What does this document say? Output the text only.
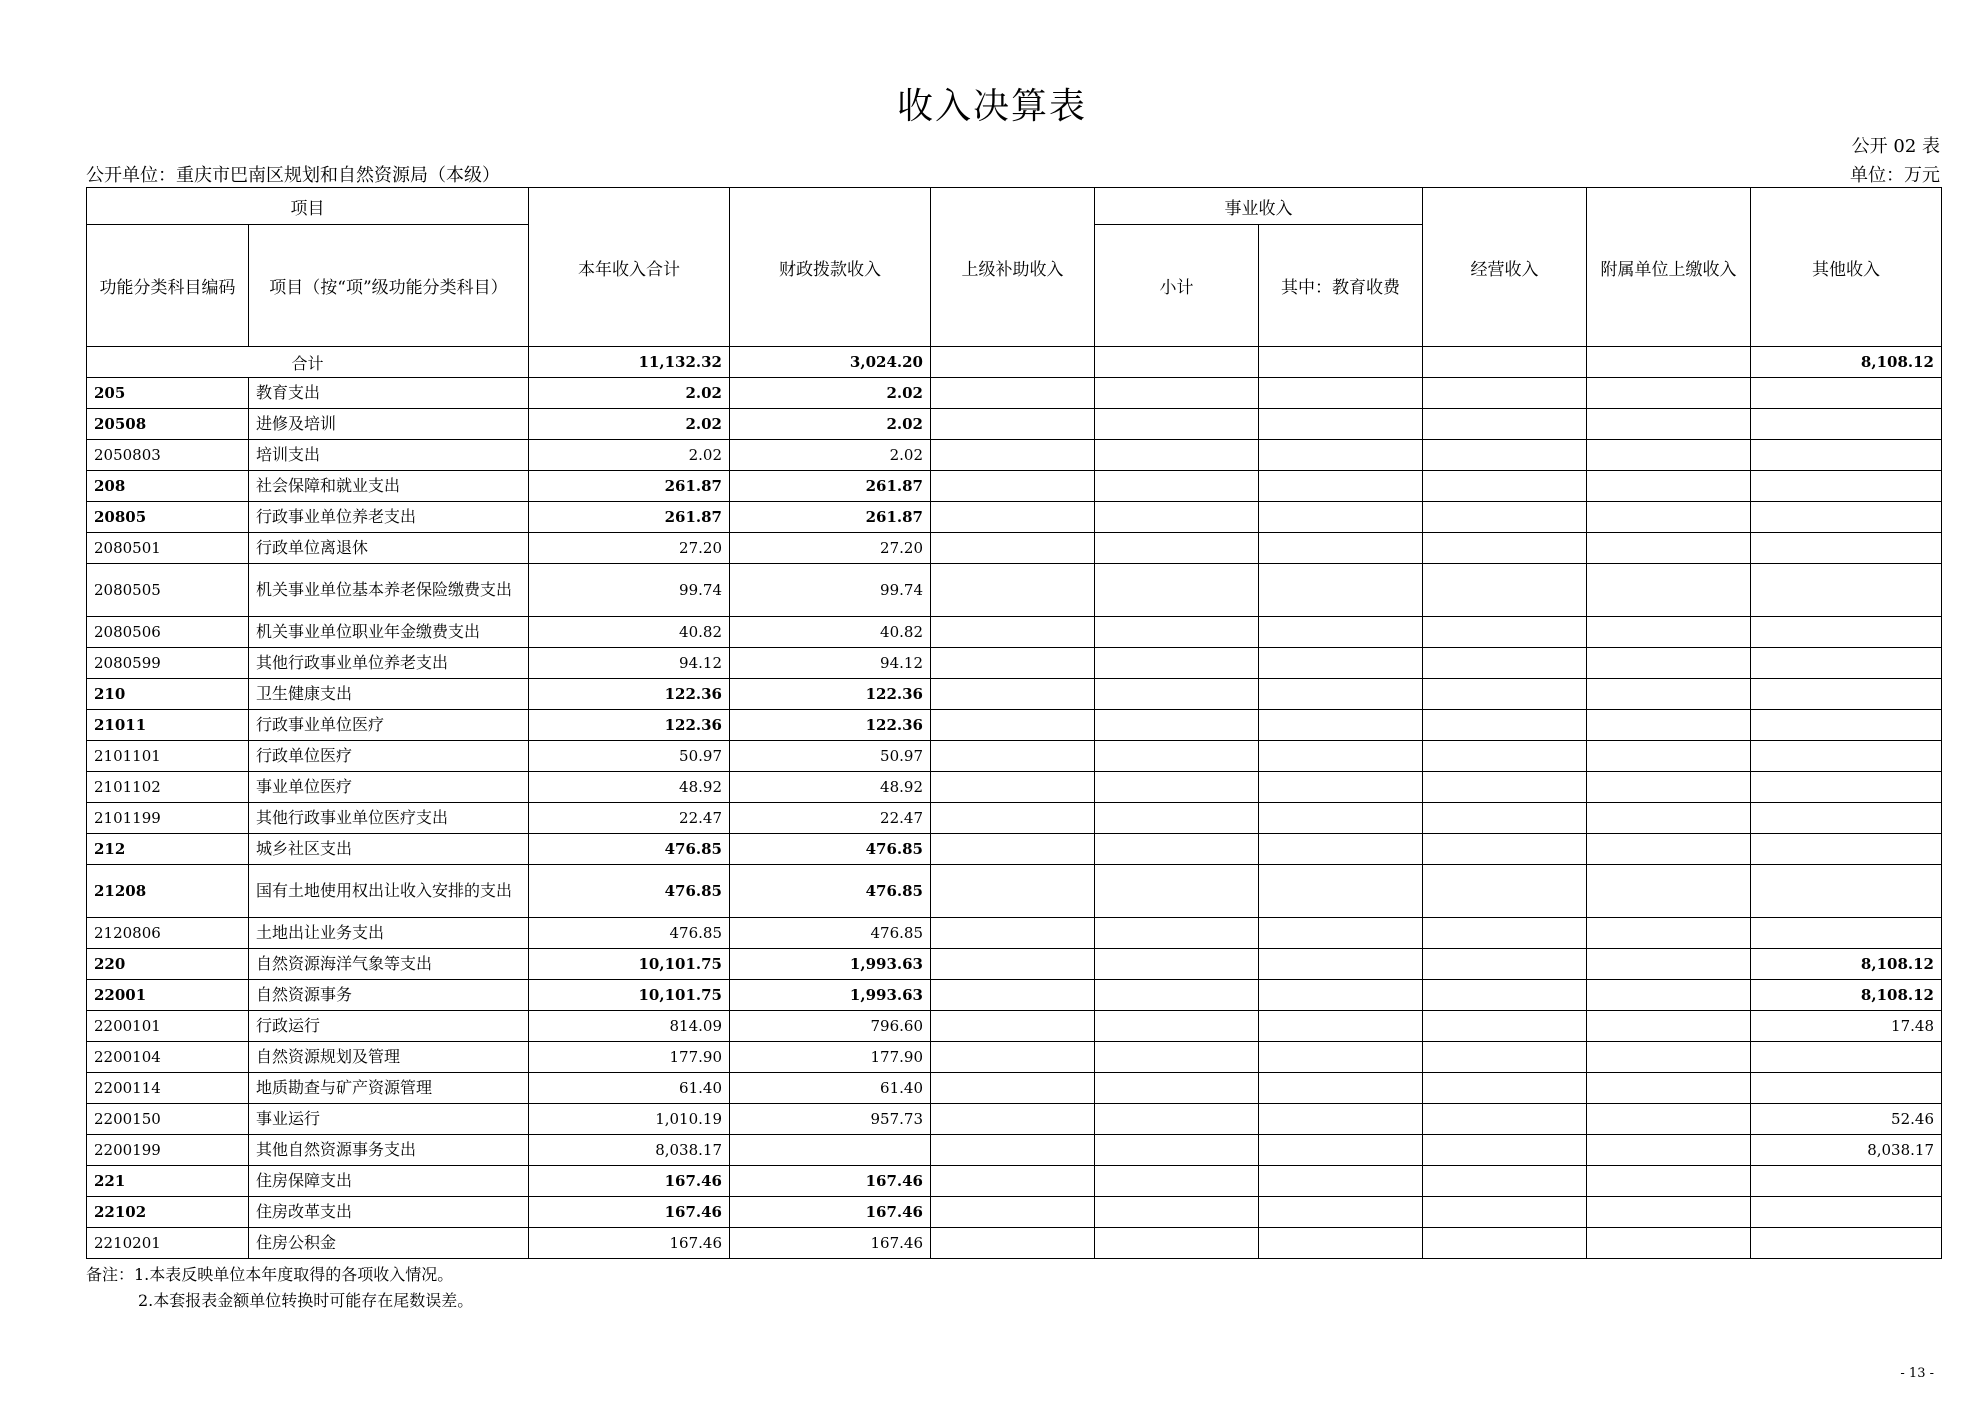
收入决算表
公开 02 表
公开单位：重庆市巴南区规划和自然资源局（本级）	单位：万元
项目		本年收入合计	财政拨款收入	上级补助收入	事业收入		经营收入	附属单位上缴收入	其他收入
功能分类科目编码	项目（按“项”级功能分类科目）				小计	其中：教育收费			
合计		11,132.32	3,024.20						8,108.12
205	教育支出	2.02	2.02						
20508	进修及培训	2.02	2.02						
2050803	培训支出	2.02	2.02						
208	社会保障和就业支出	261.87	261.87						
20805	行政事业单位养老支出	261.87	261.87						
2080501	行政单位离退休	27.20	27.20						
2080505	机关事业单位基本养老保险缴费支出	99.74	99.74						
2080506	机关事业单位职业年金缴费支出	40.82	40.82						
2080599	其他行政事业单位养老支出	94.12	94.12						
210	卫生健康支出	122.36	122.36						
21011	行政事业单位医疗	122.36	122.36						
2101101	行政单位医疗	50.97	50.97						
2101102	事业单位医疗	48.92	48.92						
2101199	其他行政事业单位医疗支出	22.47	22.47						
212	城乡社区支出	476.85	476.85						
21208	国有土地使用权出让收入安排的支出	476.85	476.85						
2120806	土地出让业务支出	476.85	476.85						
220	自然资源海洋气象等支出	10,101.75	1,993.63						8,108.12
22001	自然资源事务	10,101.75	1,993.63						8,108.12
2200101	行政运行	814.09	796.60						17.48
2200104	自然资源规划及管理	177.90	177.90						
2200114	地质勘查与矿产资源管理	61.40	61.40						
2200150	事业运行	1,010.19	957.73						52.46
2200199	其他自然资源事务支出	8,038.17							8,038.17
221	住房保障支出	167.46	167.46						
22102	住房改革支出	167.46	167.46						
2210201	住房公积金	167.46	167.46						
备注：1.本表反映单位本年度取得的各项收入情况。
2.本套报表金额单位转换时可能存在尾数误差。
- 13 -
